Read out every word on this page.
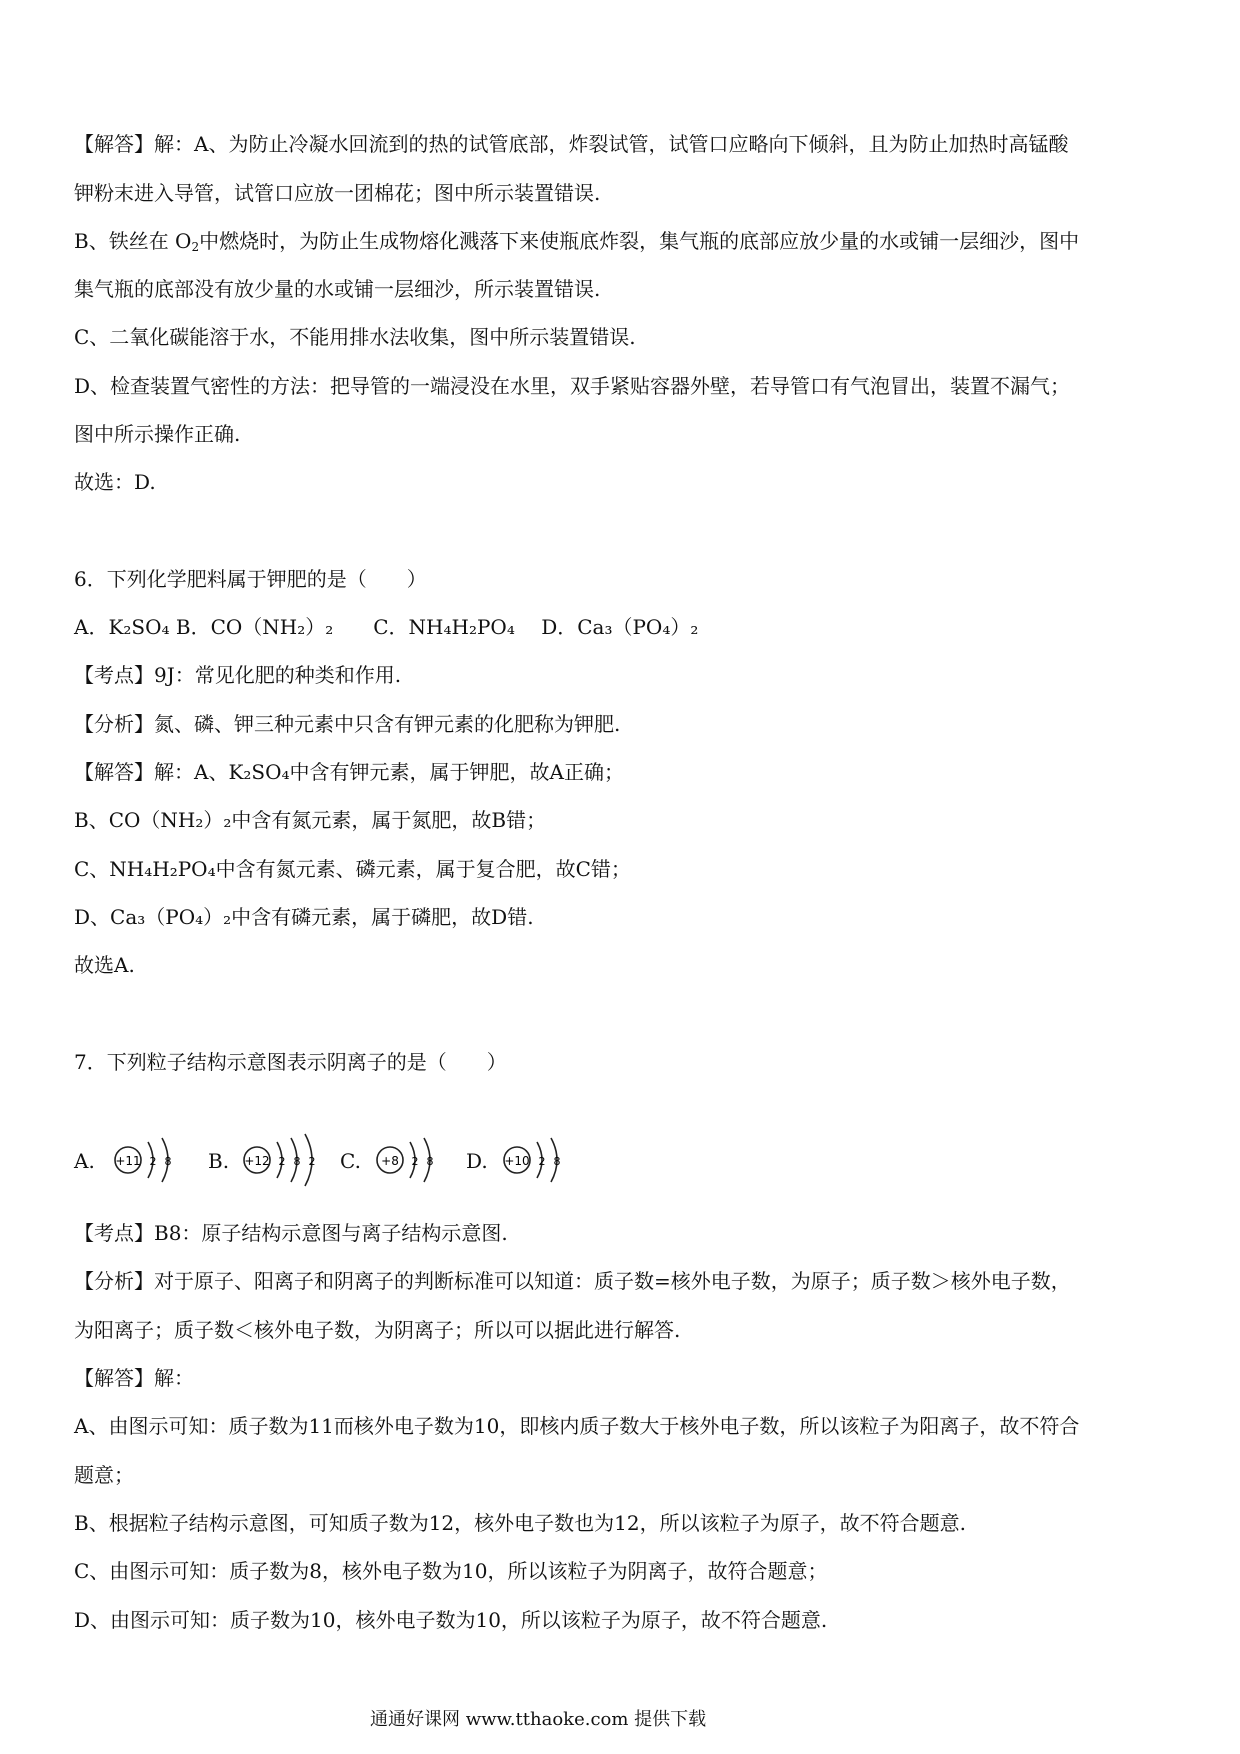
【解答】解：A、为防止冷凝水回流到的热的试管底部，炸裂试管，试管口应略向下倾斜，且为防止加热时高锰酸
钾粉末进入导管，试管口应放一团棉花；图中所示装置错误.
B、铁丝在 $O_2$中燃烧时，为防止生成物熔化溅落下来使瓶底炸裂，集气瓶的底部应放少量的水或铺一层细沙，图中
集气瓶的底部没有放少量的水或铺一层细沙，所示装置错误.
C、二氧化碳能溶于水，不能用排水法收集，图中所示装置错误.
D、检查装置气密性的方法：把导管的一端浸没在水里，双手紧贴容器外壁，若导管口有气泡冒出，装置不漏气；
图中所示操作正确.
故选：D.
6．下列化学肥料属于钾肥的是（　　）
A．K₂SO₄ B．CO（NH₂）₂　　C．NH₄H₂PO₄　 D．Ca₃（PO₄）₂
【考点】9J：常见化肥的种类和作用.
【分析】氮、磷、钾三种元素中只含有钾元素的化肥称为钾肥.
【解答】解：A、K₂SO₄中含有钾元素，属于钾肥，故A正确；
B、CO（NH₂）₂中含有氮元素，属于氮肥，故B错；
C、NH₄H₂PO₄中含有氮元素、磷元素，属于复合肥，故C错；
D、Ca₃（PO₄）₂中含有磷元素，属于磷肥，故D错.
故选A.
7．下列粒子结构示意图表示阴离子的是（　　）
A. +11 2 8 B. +12 2 8 2 C. +8 2 8 D. +10 2 8
【考点】B8：原子结构示意图与离子结构示意图.
【分析】对于原子、阳离子和阴离子的判断标准可以知道：质子数=核外电子数，为原子；质子数＞核外电子数，
为阳离子；质子数＜核外电子数，为阴离子；所以可以据此进行解答.
【解答】解：
A、由图示可知：质子数为11而核外电子数为10，即核内质子数大于核外电子数，所以该粒子为阳离子，故不符合
题意；
B、根据粒子结构示意图，可知质子数为12，核外电子数也为12，所以该粒子为原子，故不符合题意.
C、由图示可知：质子数为8，核外电子数为10，所以该粒子为阴离子，故符合题意；
D、由图示可知：质子数为10，核外电子数为10，所以该粒子为原子，故不符合题意.
通通好课网 www.tthaoke.com 提供下载
